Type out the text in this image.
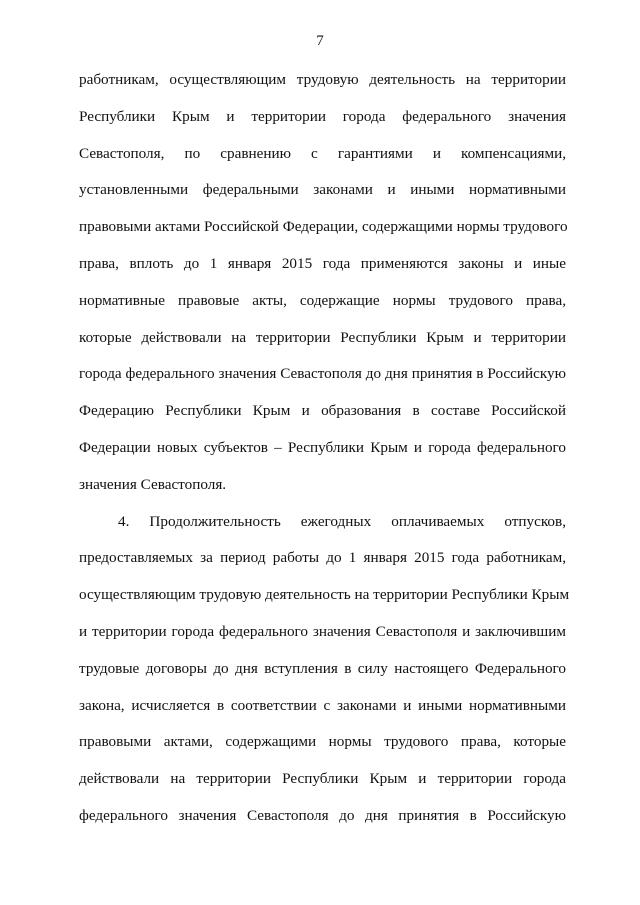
7
работникам, осуществляющим трудовую деятельность на территории
Республики Крым и территории города федерального значения
Севастополя, по сравнению с гарантиями и компенсациями,
установленными федеральными законами и иными нормативными
правовыми актами Российской Федерации, содержащими нормы трудового
права, вплоть до 1 января 2015 года применяются законы и иные
нормативные правовые акты, содержащие нормы трудового права,
которые действовали на территории Республики Крым и территории
города федерального значения Севастополя до дня принятия в Российскую
Федерацию Республики Крым и образования в составе Российской
Федерации новых субъектов – Республики Крым и города федерального
значения Севастополя.
4. Продолжительность ежегодных оплачиваемых отпусков,
предоставляемых за период работы до 1 января 2015 года работникам,
осуществляющим трудовую деятельность на территории Республики Крым
и территории города федерального значения Севастополя и заключившим
трудовые договоры до дня вступления в силу настоящего Федерального
закона, исчисляется в соответствии с законами и иными нормативными
правовыми актами, содержащими нормы трудового права, которые
действовали на территории Республики Крым и территории города
федерального значения Севастополя до дня принятия в Российскую
